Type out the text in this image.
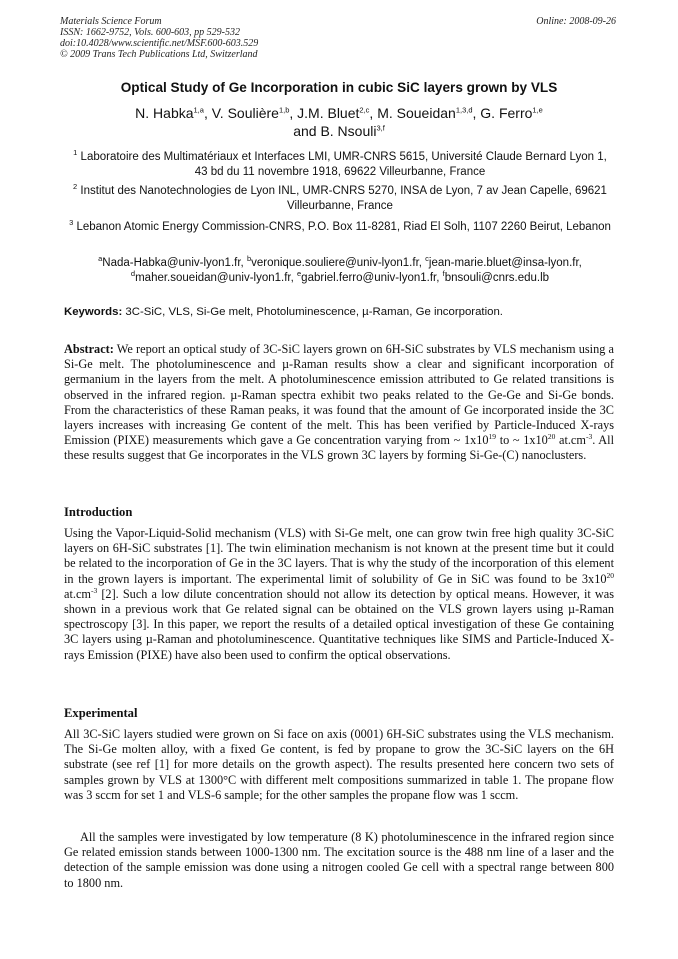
Materials Science Forum
ISSN: 1662-9752, Vols. 600-603, pp 529-532
doi:10.4028/www.scientific.net/MSF.600-603.529
© 2009 Trans Tech Publications Ltd, Switzerland
Online: 2008-09-26
Optical Study of Ge Incorporation in cubic SiC layers grown by VLS
N. Habka$^{1,a}$, V. Soulière$^{1,b}$, J.M. Bluet$^{2,c}$, M. Soueidan$^{1,3,d}$, G. Ferro$^{1,e}$
and B. Nsouli$^{3,f}$
$^1$ Laboratoire des Multimatériaux et Interfaces LMI, UMR-CNRS 5615, Université Claude Bernard Lyon 1, 43 bd du 11 novembre 1918, 69622 Villeurbanne, France
$^2$ Institut des Nanotechnologies de Lyon INL, UMR-CNRS 5270, INSA de Lyon, 7 av Jean Capelle, 69621 Villeurbanne, France
$^3$ Lebanon Atomic Energy Commission-CNRS, P.O. Box 11-8281, Riad El Solh, 1107 2260 Beirut, Lebanon
$^a$Nada-Habka@univ-lyon1.fr, $^b$veronique.souliere@univ-lyon1.fr, $^c$jean-marie.bluet@insa-lyon.fr,
$^d$maher.soueidan@univ-lyon1.fr, $^e$gabriel.ferro@univ-lyon1.fr, $^f$bnsouli@cnrs.edu.lb
Keywords: 3C-SiC, VLS, Si-Ge melt, Photoluminescence, µ-Raman, Ge incorporation.
Abstract: We report an optical study of 3C-SiC layers grown on 6H-SiC substrates by VLS mechanism using a Si-Ge melt. The photoluminescence and µ-Raman results show a clear and significant incorporation of germanium in the layers from the melt. A photoluminescence emission attributed to Ge related transitions is observed in the infrared region. µ-Raman spectra exhibit two peaks related to the Ge-Ge and Si-Ge bonds. From the characteristics of these Raman peaks, it was found that the amount of Ge incorporated inside the 3C layers increases with increasing Ge content of the melt. This has been verified by Particle-Induced X-rays Emission (PIXE) measurements which gave a Ge concentration varying from ~ $1x10^{19}$ to ~ $1x10^{20}$ $at.cm^{-3}$. All these results suggest that Ge incorporates in the VLS grown 3C layers by forming Si-Ge-(C) nanoclusters.
Introduction
Using the Vapor-Liquid-Solid mechanism (VLS) with Si-Ge melt, one can grow twin free high quality 3C-SiC layers on 6H-SiC substrates [1]. The twin elimination mechanism is not known at the present time but it could be related to the incorporation of Ge in the 3C layers. That is why the study of the incorporation of this element in the grown layers is important. The experimental limit of solubility of Ge in SiC was found to be $3x10^{20}$ $at.cm^{-3}$ [2]. Such a low dilute concentration should not allow its detection by optical means. However, it was shown in a previous work that Ge related signal can be obtained on the VLS grown layers using µ-Raman spectroscopy [3]. In this paper, we report the results of a detailed optical investigation of these Ge containing 3C layers using µ-Raman and photoluminescence. Quantitative techniques like SIMS and Particle-Induced X-rays Emission (PIXE) have also been used to confirm the optical observations.
Experimental
All 3C-SiC layers studied were grown on Si face on axis (0001) 6H-SiC substrates using the VLS mechanism. The Si-Ge molten alloy, with a fixed Ge content, is fed by propane to grow the 3C-SiC layers on the 6H substrate (see ref [1] for more details on the growth aspect). The results presented here concern two sets of samples grown by VLS at 1300°C with different melt compositions summarized in table 1. The propane flow was 3 sccm for set 1 and VLS-6 sample; for the other samples the propane flow was 1 sccm.
All the samples were investigated by low temperature (8 K) photoluminescence in the infrared region since Ge related emission stands between 1000-1300 nm. The excitation source is the 488 nm line of a laser and the detection of the sample emission was done using a nitrogen cooled Ge cell with a spectral range between 800 to 1800 nm.
